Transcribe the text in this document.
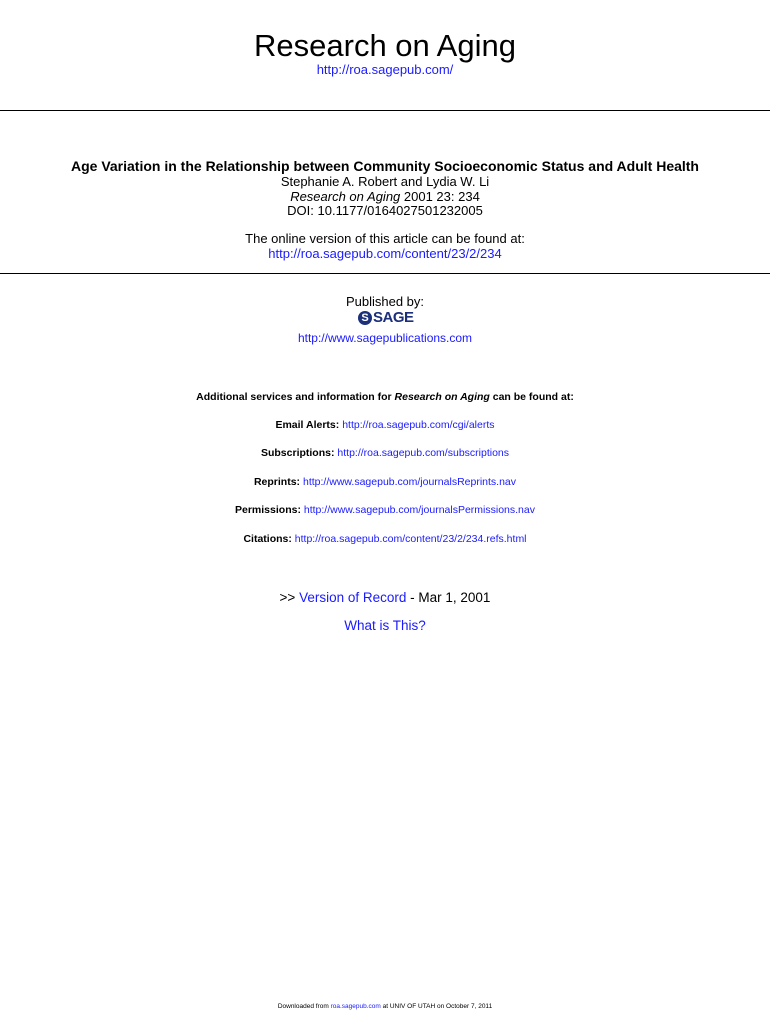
Research on Aging
http://roa.sagepub.com/
Age Variation in the Relationship between Community Socioeconomic Status and Adult Health
Stephanie A. Robert and Lydia W. Li
Research on Aging 2001 23: 234
DOI: 10.1177/0164027501232005
The online version of this article can be found at:
http://roa.sagepub.com/content/23/2/234
Published by:
S SAGE
http://www.sagepublications.com
Additional services and information for Research on Aging can be found at:
Email Alerts: http://roa.sagepub.com/cgi/alerts
Subscriptions: http://roa.sagepub.com/subscriptions
Reprints: http://www.sagepub.com/journalsReprints.nav
Permissions: http://www.sagepub.com/journalsPermissions.nav
Citations: http://roa.sagepub.com/content/23/2/234.refs.html
>> Version of Record - Mar 1, 2001
What is This?
Downloaded from roa.sagepub.com at UNIV OF UTAH on October 7, 2011
